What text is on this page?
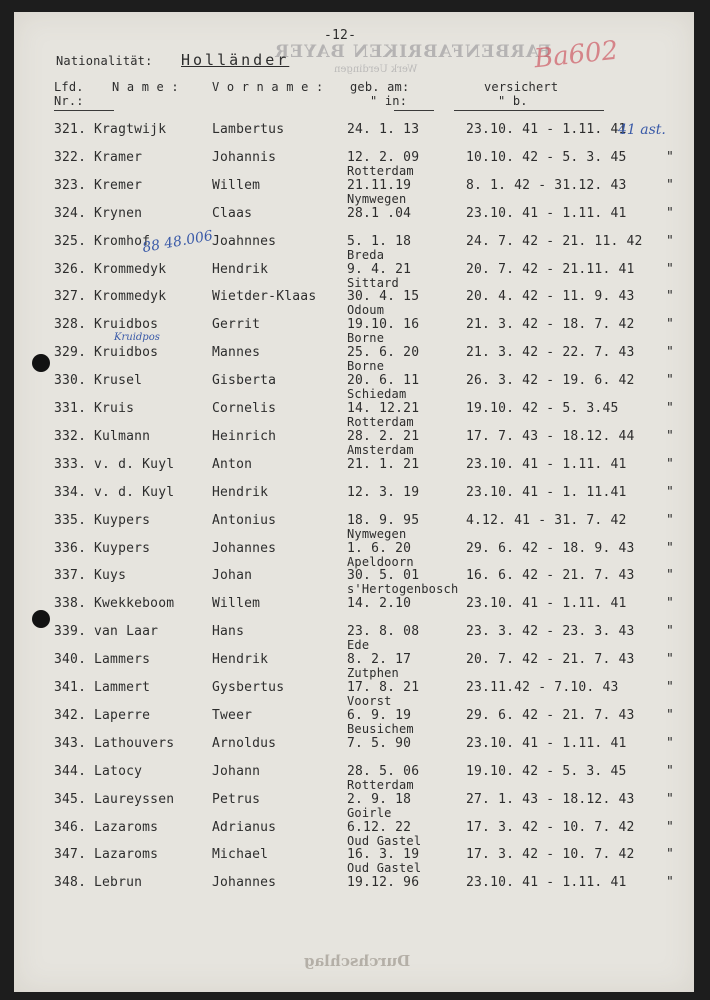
-12-
FARBENFABRIKEN BAYER
Werk Uerdingen
Nationalität: Holländer	Ba602
Lfd.
Nr.:
N a m e :	V o r n a m e : geb. am:
" in:
versichert
" b.
321. Kragtwijk	Lambertus	24. 1. 13	23.10. 41 - 1.11. 41
322. Kramer	Johannis	12. 2. 09	10.10. 42 - 5. 3. 45	"
Rotterdam
323. Kremer	Willem	21.11.19	8. 1. 42 - 31.12. 43	"
Nymwegen
324. Krynen	Claas	28.1 .04	23.10. 41 - 1.11. 41	"
325. Kromhof	Joahnnes	5. 1. 18	24. 7. 42 - 21. 11. 42 "
Breda
326. Krommedyk	Hendrik	9. 4. 21	20. 7. 42 - 21.11. 41 "
Sittard
327. Krommedyk	Wietder-Klaas 30. 4. 15	20. 4. 42 - 11. 9. 43 "
Odoum
328. Kruidbos	Gerrit	19.10. 16	21. 3. 42 - 18. 7. 42 "
Borne
329. Kruidbos	Mannes	25. 6. 20	21. 3. 42 - 22. 7. 43 "
Borne
330. Krusel	Gisberta	20. 6. 11	26. 3. 42 - 19. 6. 42 "
Schiedam
331. Kruis	Cornelis	14. 12.21	19.10. 42 - 5. 3.45	"
Rotterdam
332. Kulmann	Heinrich	28. 2. 21	17. 7. 43 - 18.12. 44 "
Amsterdam
333. v. d. Kuyl	Anton	21. 1. 21	23.10. 41 - 1.11. 41	"
334. v. d. Kuyl	Hendrik	12. 3. 19	23.10. 41 - 1. 11.41	"
335. Kuypers	Antonius	18. 9. 95	4.12. 41 - 31. 7. 42	"
Nymwegen
336. Kuypers	Johannes	1. 6. 20	29. 6. 42 - 18. 9. 43 "
Apeldoorn
337. Kuys	Johan	30. 5. 01	16. 6. 42 - 21. 7. 43 "
s'Hertogenbosch
338. Kwekkeboom	Willem	14. 2.10	23.10. 41 - 1.11. 41	"
339. van Laar	Hans	23. 8. 08	23. 3. 42 - 23. 3. 43 "
Ede
340. Lammers	Hendrik	8. 2. 17	20. 7. 42 - 21. 7. 43 "
Zutphen
341. Lammert	Gysbertus	17. 8. 21	23.11.42 - 7.10. 43	"
Voorst
342. Laperre	Tweer	6. 9. 19	29. 6. 42 - 21. 7. 43 "
Beusichem
343. Lathouvers	Arnoldus	7. 5. 90	23.10. 41 - 1.11. 41	"
344. Latocy	Johann	28. 5. 06	19.10. 42 - 5. 3. 45	"
Rotterdam
345. Laureyssen	Petrus	2. 9. 18	27. 1. 43 - 18.12. 43 "
Goirle
346. Lazaroms	Adrianus	6.12. 22	17. 3. 42 - 10. 7. 42 "
Oud Gastel
347. Lazaroms	Michael	16. 3. 19	17. 3. 42 - 10. 7. 42 "
Oud Gastel
348. Lebrun	Johannes	19.12. 96	23.10. 41 - 1.11. 41	"
41 ast.
88 48.006
Kruidpos
Durchschlag
